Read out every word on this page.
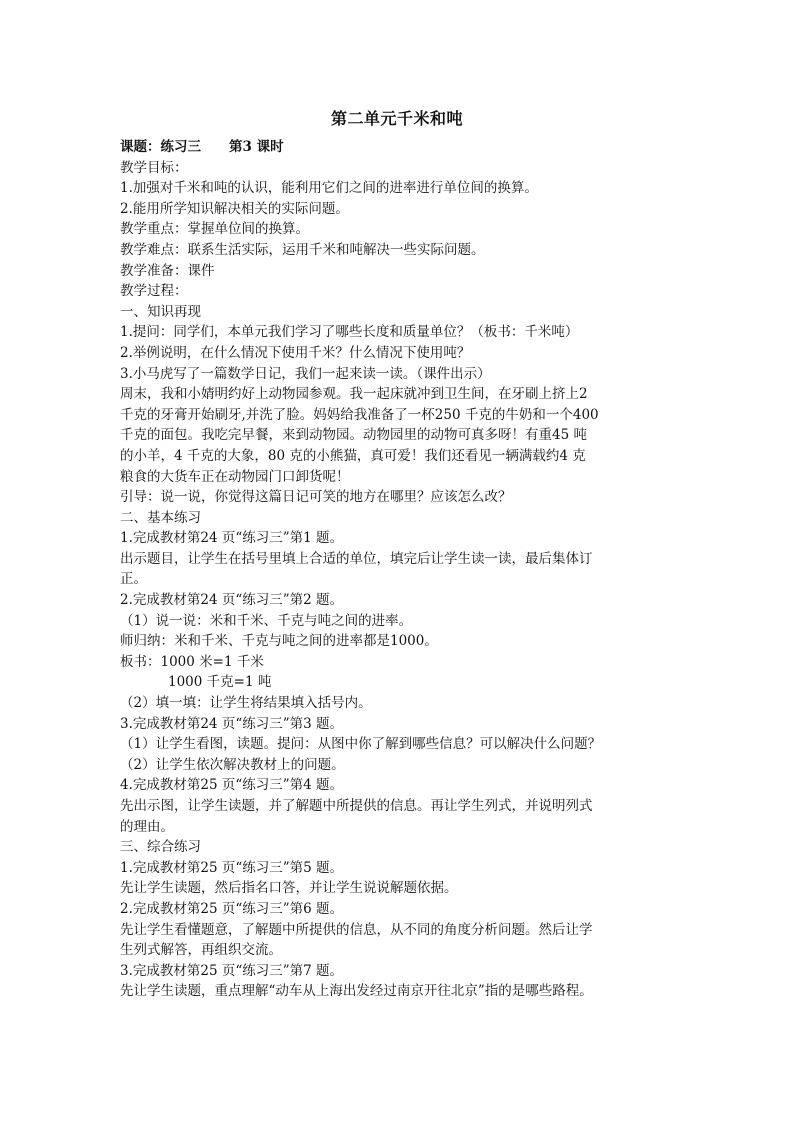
第二单元千米和吨
课题：练习三 第3 课时
教学目标：
1.加强对千米和吨的认识，能利用它们之间的进率进行单位间的换算。
2.能用所学知识解决相关的实际问题。
教学重点：掌握单位间的换算。
教学难点：联系生活实际，运用千米和吨解决一些实际问题。
教学准备：课件
教学过程：
一、知识再现
1.提问：同学们，本单元我们学习了哪些长度和质量单位？（板书：千米吨）
2.举例说明，在什么情况下使用千米？什么情况下使用吨？
3.小马虎写了一篇数学日记，我们一起来读一读。（课件出示）
周末，我和小婧明约好上动物园参观。我一起床就冲到卫生间，在牙刷上挤上2
千克的牙膏开始刷牙,并洗了脸。妈妈给我准备了一杯250 千克的牛奶和一个400
千克的面包。我吃完早餐，来到动物园。动物园里的动物可真多呀！有重45 吨
的小羊，4 千克的大象，80 克的小熊猫，真可爱！我们还看见一辆满载约4 克
粮食的大货车正在动物园门口卸货呢！
引导：说一说，你觉得这篇日记可笑的地方在哪里？应该怎么改？
二、基本练习
1.完成教材第24 页“练习三”第1 题。
出示题目，让学生在括号里填上合适的单位，填完后让学生读一读，最后集体订
正。
2.完成教材第24 页“练习三”第2 题。
（1）说一说：米和千米、千克与吨之间的进率。
师归纳：米和千米、千克与吨之间的进率都是1000。
板书：1000 米=1 千米
1000 千克=1 吨
（2）填一填：让学生将结果填入括号内。
3.完成教材第24 页“练习三”第3 题。
（1）让学生看图，读题。提问：从图中你了解到哪些信息？可以解决什么问题？
（2）让学生依次解决教材上的问题。
4.完成教材第25 页“练习三”第4 题。
先出示图，让学生读题，并了解题中所提供的信息。再让学生列式，并说明列式
的理由。
三、综合练习
1.完成教材第25 页“练习三”第5 题。
先让学生读题，然后指名口答，并让学生说说解题依据。
2.完成教材第25 页“练习三”第6 题。
先让学生看懂题意，了解题中所提供的信息，从不同的角度分析问题。然后让学
生列式解答，再组织交流。
3.完成教材第25 页“练习三”第7 题。
先让学生读题，重点理解“动车从上海出发经过南京开往北京”指的是哪些路程。
